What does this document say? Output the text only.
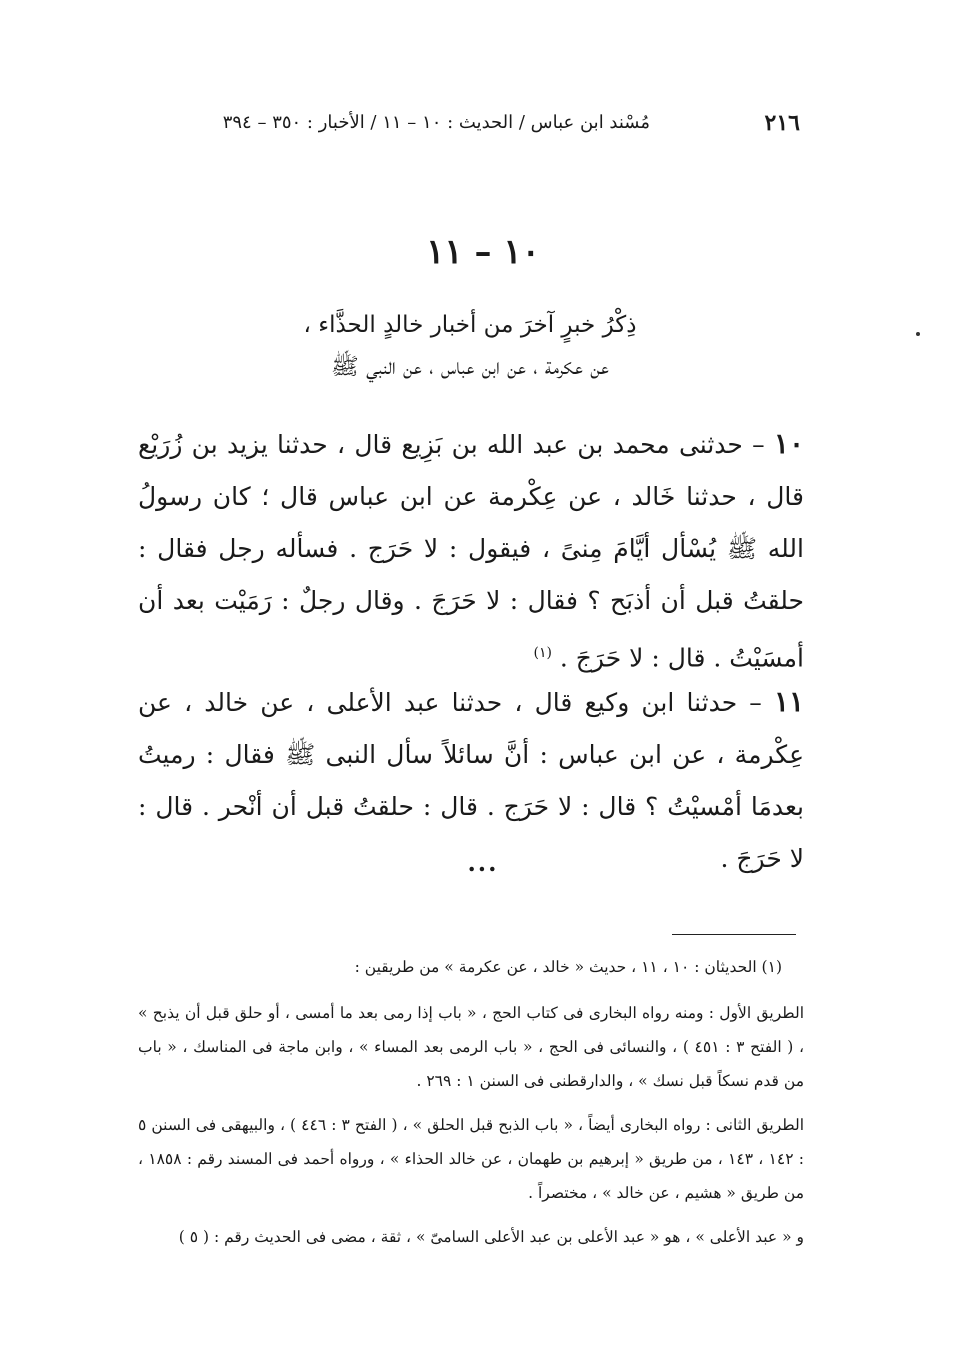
٢١٦
مُسْند ابن عباس / الحديث : ١٠ – ١١ / الأخبار : ٣٥٠ – ٣٩٤
١٠ – ١١
ذِكْرُ خبرٍ آخرَ من أخبار خالدٍ الحذَّاء ،
عن عكرمة ، عن ابن عباس ، عن النبي ﷺ
١٠ – حدثنى محمد بن عبد الله بن بَزِيع قال ، حدثنا يزيد بن زُرَيْع قال ، حدثنا خَالد ، عن عِكْرمة عن ابن عباس قال ؛ كان رسولُ الله ﷺ يُسْأل أيَّامَ مِنىً ، فيقول : لا حَرَج . فسأله رجل فقال : حلقتُ قبل أن أذبَح ؟ فقال : لا حَرَجَ . وقال رجلٌ : رَمَيْت بعد أن أمسَيْتُ . قال : لا حَرَجَ . $^{(١)}$
١١ – حدثنا ابن وكيع قال ، حدثنا عبد الأعلى ، عن خالد ، عن عِكْرمة ، عن ابن عباس : أنَّ سائلاً سأل النبى ﷺ فقال : رميتُ بعدمَا أمْسيْتُ ؟ قال : لا حَرَج . قال : حلقتُ قبل أن أنْحر . قال : لا حَرَجَ .
...

(١) الحديثان : ١٠ ، ١١ ، حديث « خالد ، عن عكرمة » من طريقين :

الطريق الأول : ومنه رواه البخارى فى كتاب الحج ، « باب إذا رمى بعد ما أمسى ، أو حلق قبل أن يذبح » ، ( الفتح ٣ : ٤٥١ ) ، والنسائى فى الحج ، « باب الرمى بعد المساء » ، وابن ماجة فى المناسك ، « باب من قدم نسكاً قبل نسك » ، والدارقطنى فى السنن ١ : ٢٦٩ .

الطريق الثانى : رواه البخارى أيضاً ، « باب الذبح قبل الحلق » ، ( الفتح ٣ : ٤٤٦ ) ، والبيهقى فى السنن ٥ : ١٤٢ ، ١٤٣ ، من طريق « إبرهيم بن طهمان ، عن خالد الحذاء » ، ورواه أحمد فى المسند رقم : ١٨٥٨ ، من طريق « هشيم ، عن خالد » ، مختصراً .

و « عبد الأعلى » ، هو « عبد الأعلى بن عبد الأعلى السامىّ » ، ثقة ، مضى فى الحديث رقم : ( ٥ )
